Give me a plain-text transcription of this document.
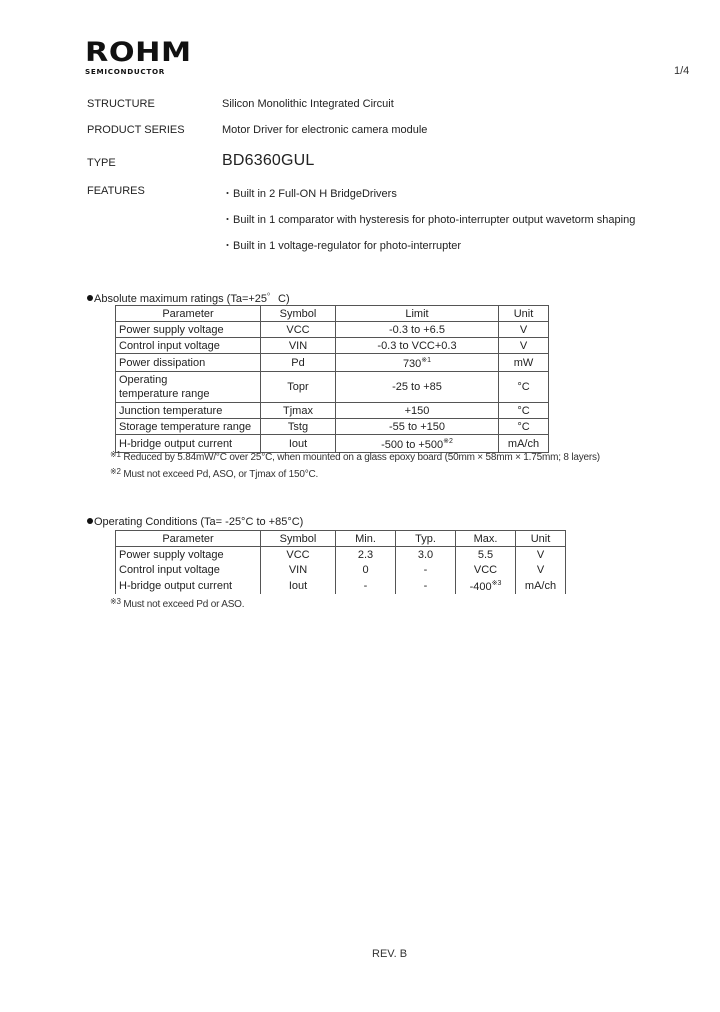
ROHM
SEMICONDUCTOR	1/4
STRUCTURE	Silicon Monolithic Integrated Circuit
PRODUCT SERIES	Motor Driver for electronic camera module
TYPE	BD6360GUL
FEATURES	・Built in 2 Full-ON H BridgeDrivers
・Built in 1 comparator with hysteresis for photo-interrupter output wavetorm shaping
・Built in 1 voltage-regulator for photo-interrupter
Absolute maximum ratings (Ta=+25゜C)
Parameter	Symbol	Limit	Unit
Power supply voltage	VCC	-0.3 to +6.5	V
Control input voltage	VIN	-0.3 to VCC+0.3	V
Power dissipation	Pd	730$^{※1}$	mW
Operating
temperature range	Topr	-25 to +85	°C
Junction temperature	Tjmax	+150	°C
Storage temperature range	Tstg	-55 to +150	°C
H-bridge output current	Iout	-500 to $+500^{※2}$	mA/ch
$^{※1}$ Reduced by 5.84mW/°C over 25°C, when mounted on a glass epoxy board (50mm × 58mm × 1.75mm; 8 layers)
$^{※2}$ Must not exceed Pd, ASO, or Tjmax of 150°C.
Operating Conditions (Ta= -25°C to +85°C)
Parameter	Symbol	Min.	Typ.	Max.	Unit
Power supply voltage	VCC	2.3	3.0	5.5	V
Control input voltage	VIN	0	-	VCC	V
H-bridge output current	Iout	-	-	-400$^{※3}$	mA/ch
$^{※3}$ Must not exceed Pd or ASO.
REV. B
